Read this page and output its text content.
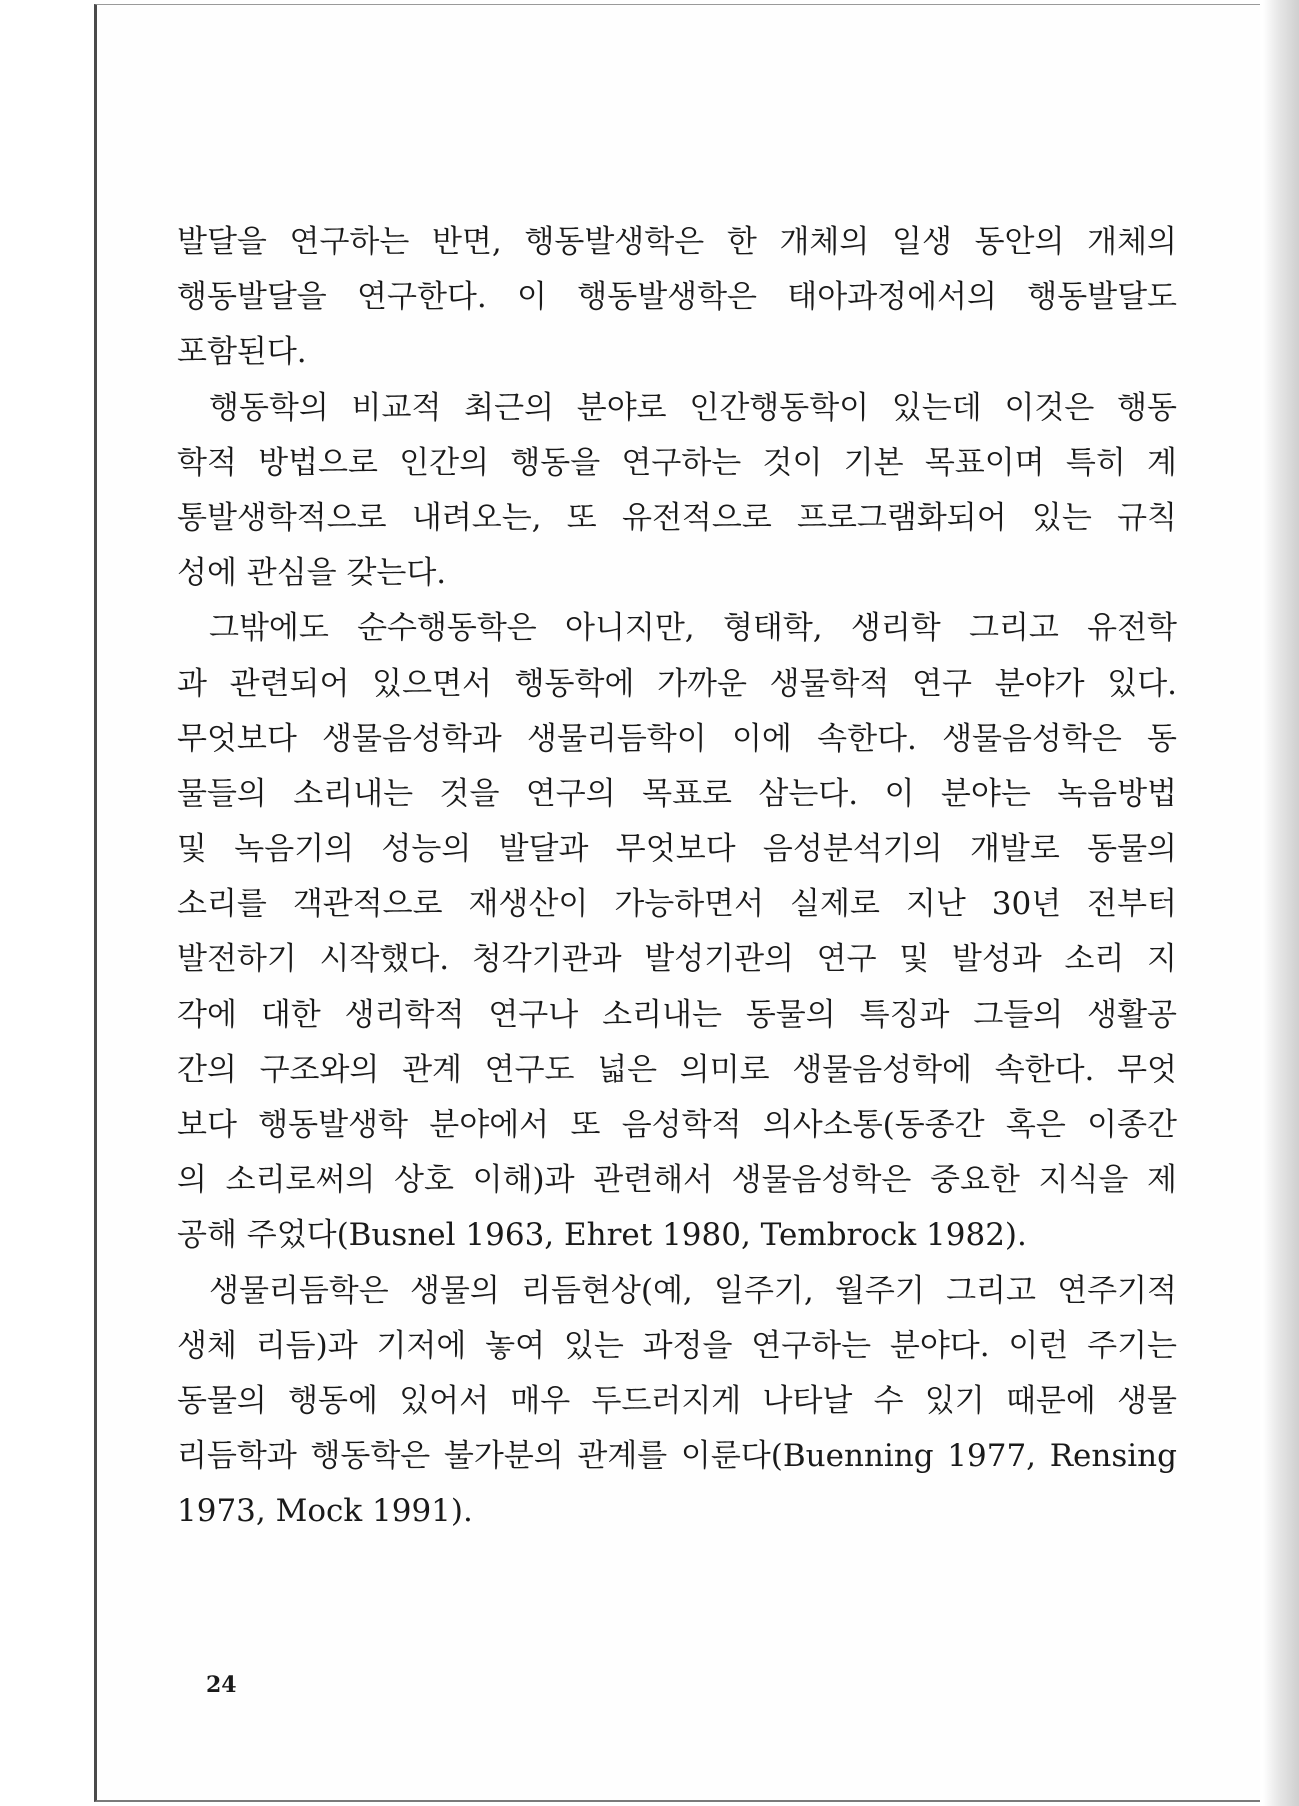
발달을 연구하는 반면, 행동발생학은 한 개체의 일생 동안의 개체의
행동발달을 연구한다. 이 행동발생학은 태아과정에서의 행동발달도
포함된다.
행동학의 비교적 최근의 분야로 인간행동학이 있는데 이것은 행동
학적 방법으로 인간의 행동을 연구하는 것이 기본 목표이며 특히 계
통발생학적으로 내려오는, 또 유전적으로 프로그램화되어 있는 규칙
성에 관심을 갖는다.
그밖에도 순수행동학은 아니지만, 형태학, 생리학 그리고 유전학
과 관련되어 있으면서 행동학에 가까운 생물학적 연구 분야가 있다.
무엇보다 생물음성학과 생물리듬학이 이에 속한다. 생물음성학은 동
물들의 소리내는 것을 연구의 목표로 삼는다. 이 분야는 녹음방법
및 녹음기의 성능의 발달과 무엇보다 음성분석기의 개발로 동물의
소리를 객관적으로 재생산이 가능하면서 실제로 지난 30년 전부터
발전하기 시작했다. 청각기관과 발성기관의 연구 및 발성과 소리 지
각에 대한 생리학적 연구나 소리내는 동물의 특징과 그들의 생활공
간의 구조와의 관계 연구도 넓은 의미로 생물음성학에 속한다. 무엇
보다 행동발생학 분야에서 또 음성학적 의사소통(동종간 혹은 이종간
의 소리로써의 상호 이해)과 관련해서 생물음성학은 중요한 지식을 제
공해 주었다(Busnel 1963, Ehret 1980, Tembrock 1982).
생물리듬학은 생물의 리듬현상(예, 일주기, 월주기 그리고 연주기적
생체 리듬)과 기저에 놓여 있는 과정을 연구하는 분야다. 이런 주기는
동물의 행동에 있어서 매우 두드러지게 나타날 수 있기 때문에 생물
리듬학과 행동학은 불가분의 관계를 이룬다(Buenning 1977, Rensing
1973, Mock 1991).
24
